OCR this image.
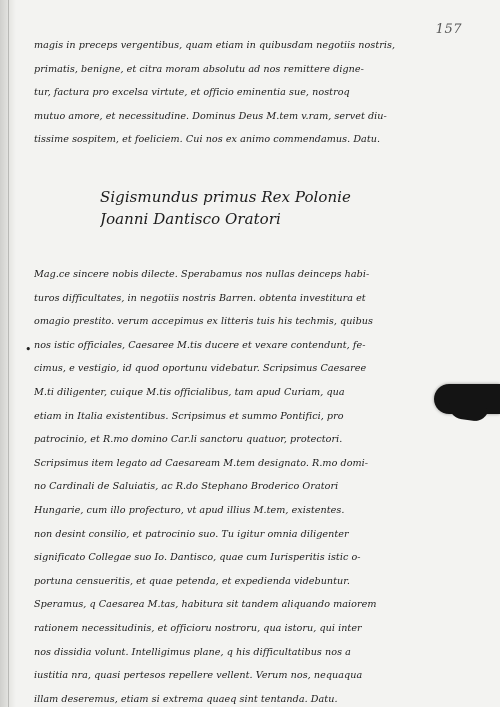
157
magis in preceps vergentibus, quam etiam in quibusdam negotiis nostris,
primatis, benigne, et citra moram absolutu ad nos remittere digne-
tur, factura pro excelsa virtute, et officio eminentia sue, nostroq
mutuo amore, et necessitudine. Dominus Deus M.tem v.ram, servet diu-
tissime sospitem, et foeliciem. Cui nos ex animo commendamus. Datu.
Sigismundus primus Rex Polonie
Joanni Dantisco Oratori
•
Mag.ce sincere nobis dilecte. Sperabamus nos nullas deinceps habi-
turos difficultates, in negotiis nostris Barren. obtenta investitura et
omagio prestito. verum accepimus ex litteris tuis his techmis, quibus
nos istic officiales, Caesaree M.tis ducere et vexare contendunt, fe-
cimus, e vestigio, id quod oportunu videbatur. Scripsimus Caesaree
M.ti diligenter, cuique M.tis officialibus, tam apud Curiam, qua
etiam in Italia existentibus. Scripsimus et summo Pontifici, pro
patrocinio, et R.mo domino Car.li sanctoru quatuor, protectori.
Scripsimus item legato ad Caesaream M.tem designato. R.mo domi-
no Cardinali de Saluiatis, ac R.do Stephano Broderico Oratori
Hungarie, cum illo profecturo, vt apud illius M.tem, existentes.
non desint consilio, et patrocinio suo. Tu igitur omnia diligenter
significato Collegae suo Io. Dantisco, quae cum Iurisperitis istic o-
portuna censueritis, et quae petenda, et expedienda videbuntur.
Speramus, q Caesarea M.tas, habitura sit tandem aliquando maiorem
rationem necessitudinis, et officioru nostroru, qua istoru, qui inter
nos dissidia volunt. Intelligimus plane, q his difficultatibus nos a
iustitia nra, quasi pertesos repellere vellent. Verum nos, nequaqua
illam deseremus, etiam si extrema quaeq sint tentanda. Datu.
